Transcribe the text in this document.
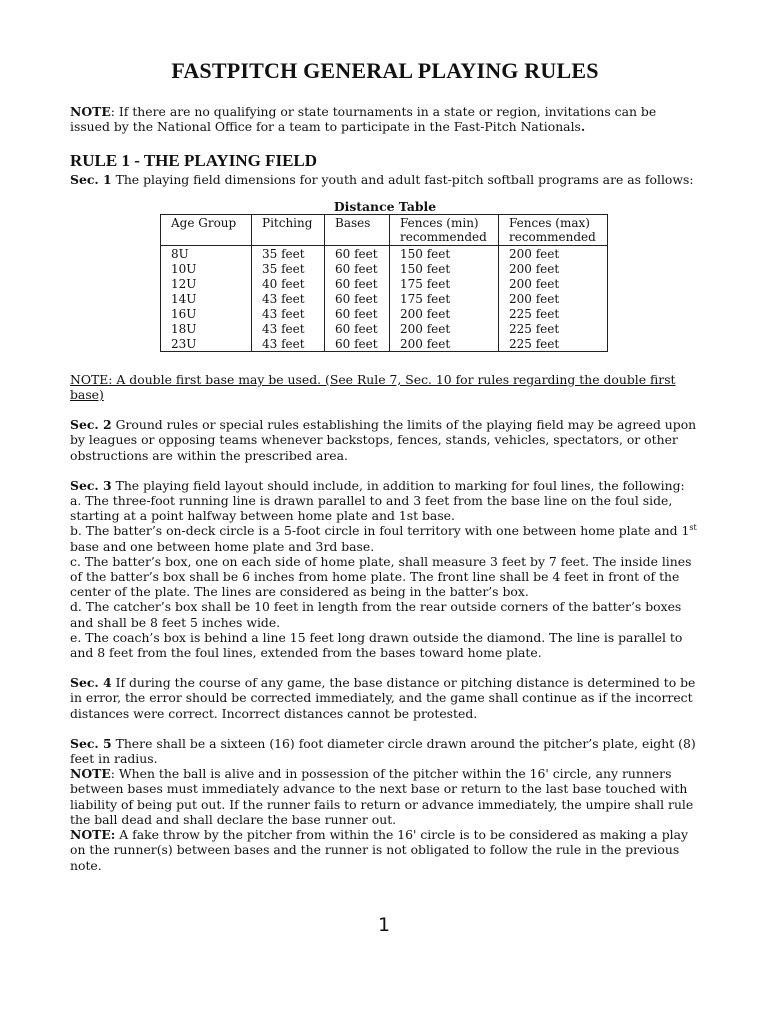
FASTPITCH GENERAL PLAYING RULES

NOTE: If there are no qualifying or state tournaments in a state or region, invitations can be issued by the National Office for a team to participate in the Fast-Pitch Nationals.

RULE 1 - THE PLAYING FIELD

Sec. 1 The playing field dimensions for youth and adult fast-pitch softball programs are as follows:

Distance Table

Age Group	Pitching	Bases	Fences (min) recommended	Fences (max) recommended
8U	35 feet	60 feet	150 feet	200 feet
10U	35 feet	60 feet	150 feet	200 feet
12U	40 feet	60 feet	175 feet	200 feet
14U	43 feet	60 feet	175 feet	200 feet
16U	43 feet	60 feet	200 feet	225 feet
18U	43 feet	60 feet	200 feet	225 feet
23U	43 feet	60 feet	200 feet	225 feet

NOTE: A double first base may be used. (See Rule 7, Sec. 10 for rules regarding the double first base)

Sec. 2 Ground rules or special rules establishing the limits of the playing field may be agreed upon by leagues or opposing teams whenever backstops, fences, stands, vehicles, spectators, or other obstructions are within the prescribed area.

Sec. 3 The playing field layout should include, in addition to marking for foul lines, the following:

a. The three-foot running line is drawn parallel to and 3 feet from the base line on the foul side, starting at a point halfway between home plate and 1st base.

b. The batter’s on-deck circle is a 5-foot circle in foul territory with one between home plate and 1st base and one between home plate and 3rd base.

c. The batter’s box, one on each side of home plate, shall measure 3 feet by 7 feet. The inside lines of the batter’s box shall be 6 inches from home plate. The front line shall be 4 feet in front of the center of the plate. The lines are considered as being in the batter’s box.

d. The catcher’s box shall be 10 feet in length from the rear outside corners of the batter’s boxes and shall be 8 feet 5 inches wide.

e. The coach’s box is behind a line 15 feet long drawn outside the diamond. The line is parallel to and 8 feet from the foul lines, extended from the bases toward home plate.

Sec. 4 If during the course of any game, the base distance or pitching distance is determined to be in error, the error should be corrected immediately, and the game shall continue as if the incorrect distances were correct. Incorrect distances cannot be protested.

Sec. 5 There shall be a sixteen (16) foot diameter circle drawn around the pitcher’s plate, eight (8) feet in radius.

NOTE: When the ball is alive and in possession of the pitcher within the 16' circle, any runners between bases must immediately advance to the next base or return to the last base touched with liability of being put out. If the runner fails to return or advance immediately, the umpire shall rule the ball dead and shall declare the base runner out.

NOTE: A fake throw by the pitcher from within the 16' circle is to be considered as making a play on the runner(s) between bases and the runner is not obligated to follow the rule in the previous note.

1
